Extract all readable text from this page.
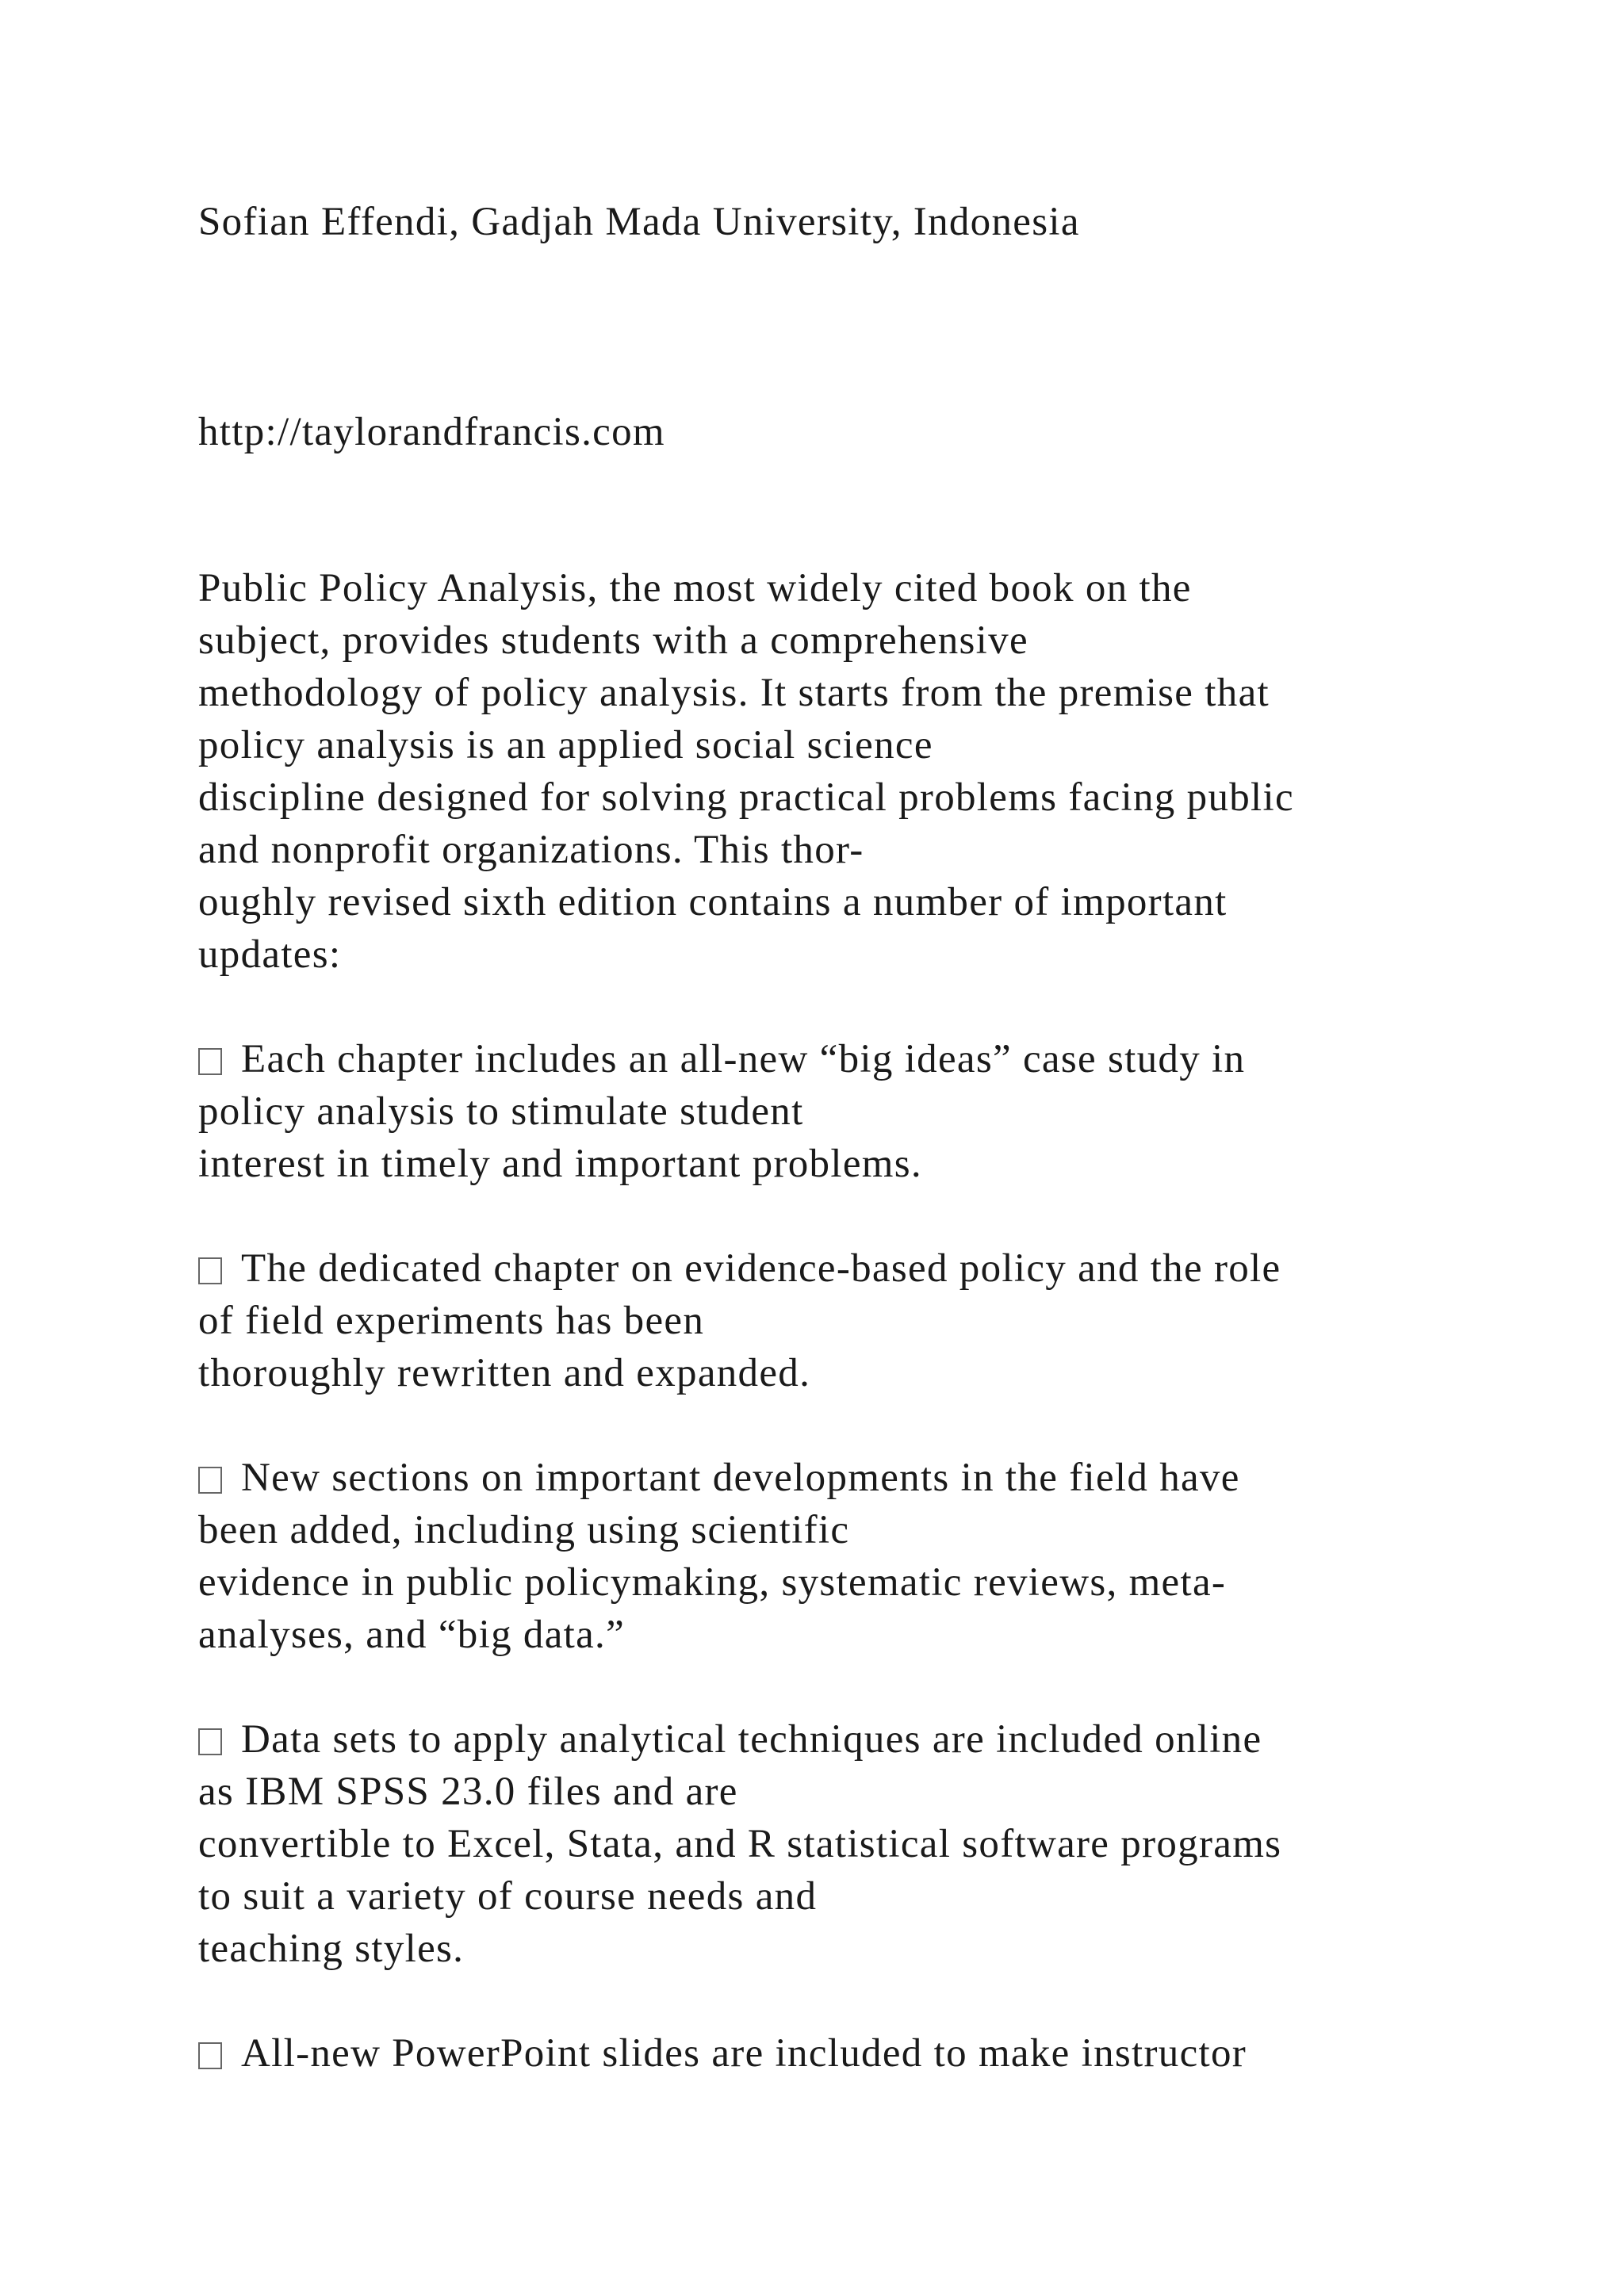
Sofian Effendi, Gadjah Mada University, Indonesia

http://taylorandfrancis.com

Public Policy Analysis, the most widely cited book on the

subject, provides students with a comprehensive

methodology of policy analysis. It starts from the premise that

policy analysis is an applied social science

discipline designed for solving practical problems facing public

and nonprofit organizations. This thor-

oughly revised sixth edition contains a number of important

updates:

Each chapter includes an all-new “big ideas” case study in

policy analysis to stimulate student

interest in timely and important problems.

The dedicated chapter on evidence-based policy and the role

of field experiments has been

thoroughly rewritten and expanded.

New sections on important developments in the field have

been added, including using scientific

evidence in public policymaking, systematic reviews, meta-

analyses, and “big data.”

Data sets to apply analytical techniques are included online

as IBM SPSS 23.0 files and are

convertible to Excel, Stata, and R statistical software programs

to suit a variety of course needs and

teaching styles.

All-new PowerPoint slides are included to make instructor
